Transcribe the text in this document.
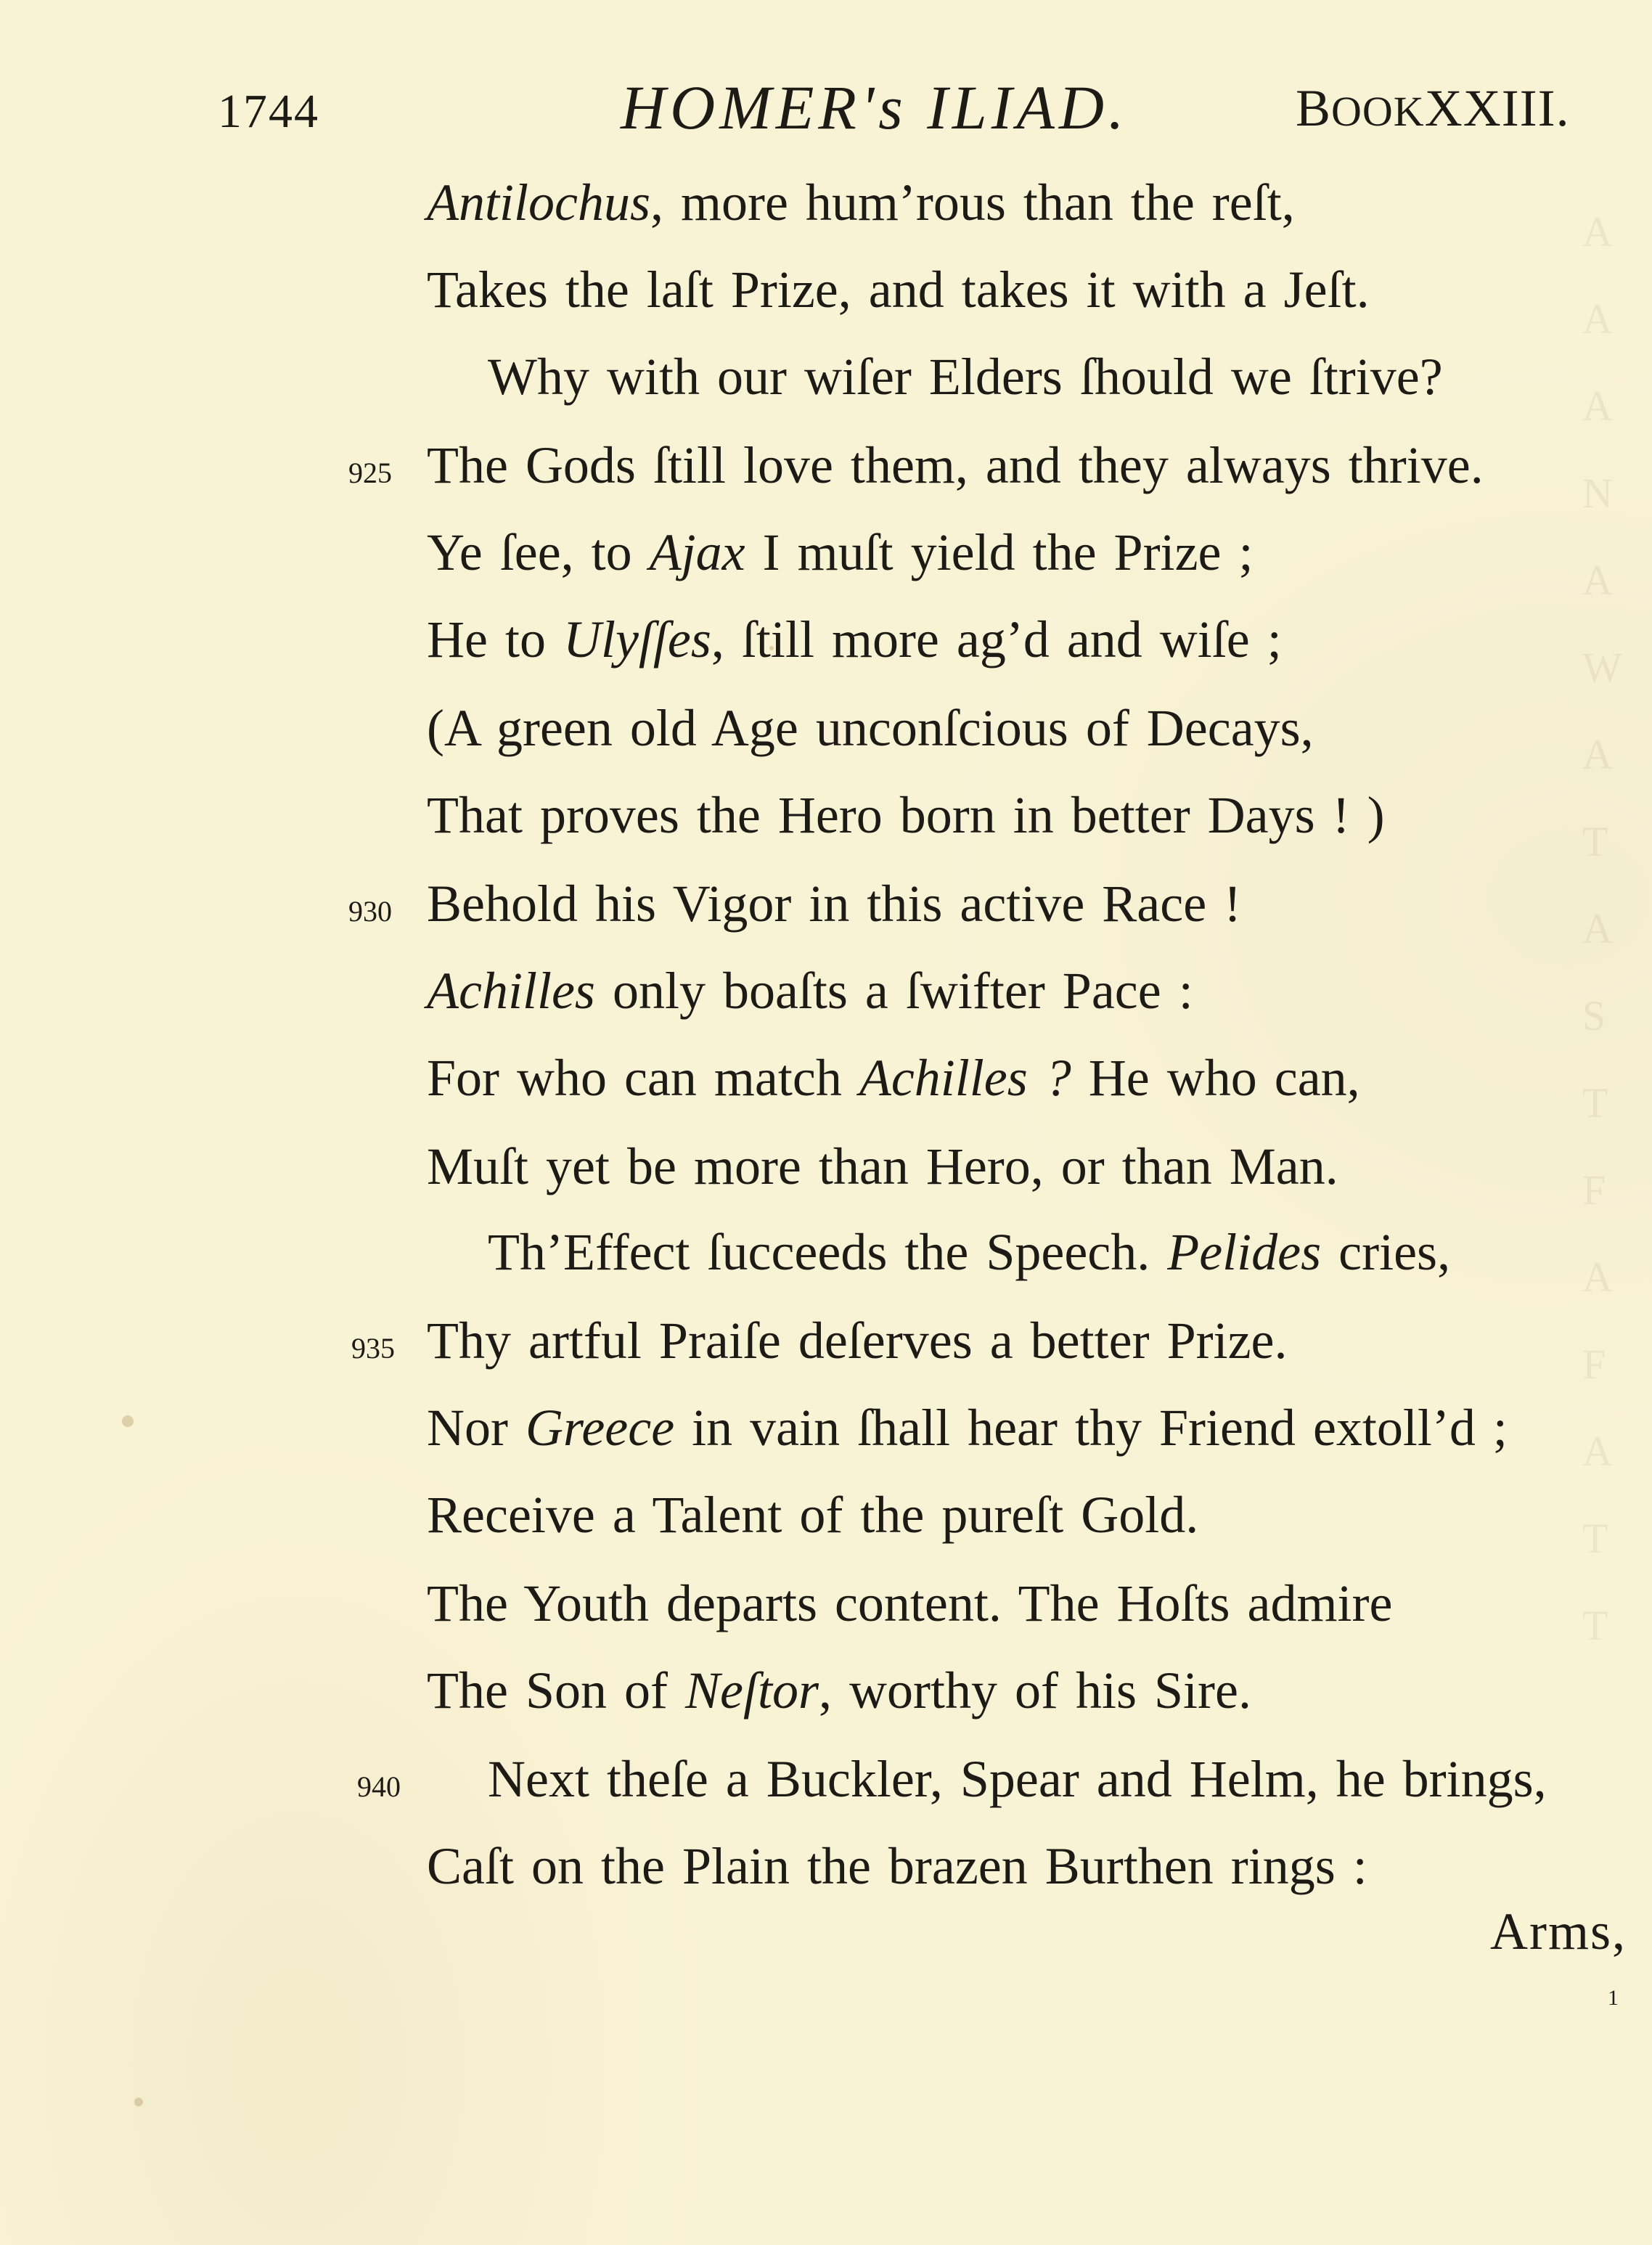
A
A
A
N
A
W
A
T
A
S
T
F
A
F
A
T
T
1744	HOMER's ILIAD.	BOOKXXIII.
Antilochus, more hum’rous than the reſt,
Takes the laſt Prize, and takes it with a Jeſt.
Why with our wiſer Elders ſhould we ſtrive?
925 The Gods ſtill love them, and they always thrive.
Ye ſee, to Ajax I muſt yield the Prize ;
He to Ulyſſes, ſtill more ag’d and wiſe ;
(A green old Age unconſcious of Decays,
That proves the Hero born in better Days ! )
930 Behold his Vigor in this active Race !
Achilles only boaſts a ſwifter Pace :
For who can match Achilles ? He who can,
Muſt yet be more than Hero, or than Man.
Th’Effect ſucceeds the Speech. Pelides cries,
935 Thy artful Praiſe deſerves a better Prize.
Nor Greece in vain ſhall hear thy Friend extoll’d ;
Receive a Talent of the pureſt Gold.
The Youth departs content. The Hoſts admire
The Son of Neſtor, worthy of his Sire.
940 Next theſe a Buckler, Spear and Helm, he brings,
Caſt on the Plain the brazen Burthen rings :
Arms,
1
